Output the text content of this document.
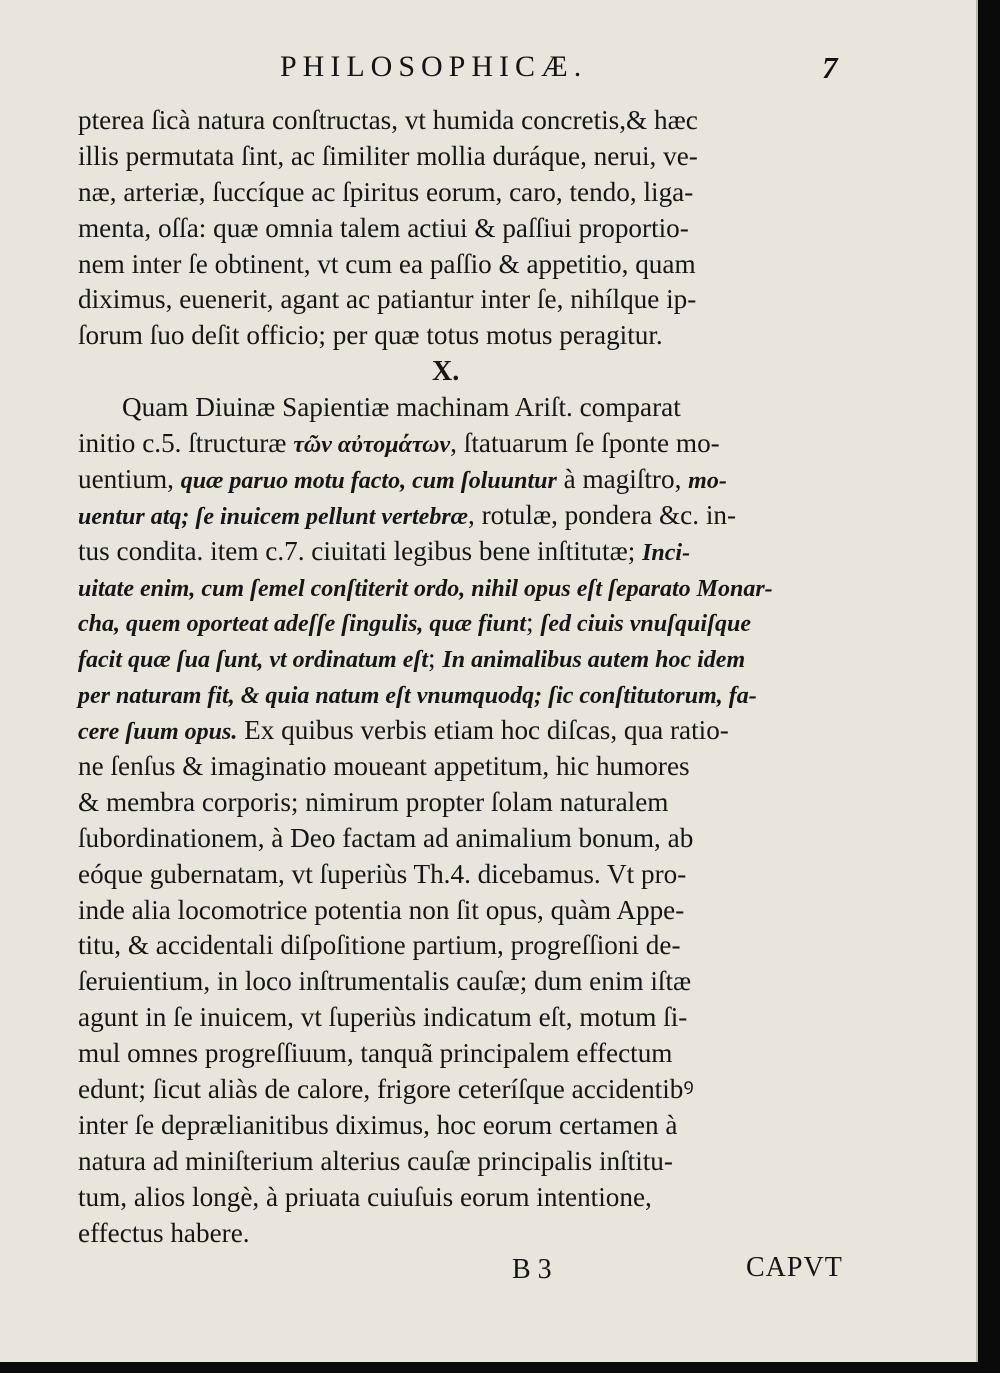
PHILOSOPHICÆ.	7
pterea ſicà natura conſtructas, vt humida concretis,& hæc
illis permutata ſint, ac ſimiliter mollia duráque, nerui, ve-
næ, arteriæ, ſuccíque ac ſpiritus eorum, caro, tendo, liga-
menta, oſſa: quæ omnia talem actiui & paſſiui proportio-
nem inter ſe obtinent, vt cum ea paſſio & appetitio, quam
diximus, euenerit, agant ac patiantur inter ſe, nihílque ip-
ſorum ſuo deſit officio; per quæ totus motus peragitur.
X.
Quam Diuinæ Sapientiæ machinam Ariſt. comparat
initio c.5. ſtructuræ τῶν αὐτομάτων, ſtatuarum ſe ſponte mo-
uentium, quæ paruo motu facto, cum ſoluuntur à magiſtro, mo-
uentur atq; ſe inuicem pellunt vertebræ, rotulæ, pondera &c. in-
tus condita. item c.7. ciuitati legibus bene inſtitutæ; Inci-
uitate enim, cum ſemel conſtiterit ordo, nihil opus eſt ſeparato Monar-
cha, quem oporteat adeſſe ſingulis, quæ fiunt; ſed ciuis vnuſquiſque
facit quæ ſua ſunt, vt ordinatum eſt; In animalibus autem hoc idem
per naturam fit, & quia natum eſt vnumquodq; ſic conſtitutorum, fa-
cere ſuum opus. Ex quibus verbis etiam hoc diſcas, qua ratio-
ne ſenſus & imaginatio moueant appetitum, hic humores
& membra corporis; nimirum propter ſolam naturalem
ſubordinationem, à Deo factam ad animalium bonum, ab
eóque gubernatam, vt ſuperiùs Th.4. dicebamus. Vt pro-
inde alia locomotrice potentia non ſit opus, quàm Appe-
titu, & accidentali diſpoſitione partium, progreſſioni de-
ſeruientium, in loco inſtrumentalis cauſæ; dum enim iſtæ
agunt in ſe inuicem, vt ſuperiùs indicatum eſt, motum ſi-
mul omnes progreſſiuum, tanquã principalem effectum
edunt; ſicut aliàs de calore, frigore ceteríſque accidentibꝰ
inter ſe deprælianitibus diximus, hoc eorum certamen à
natura ad miniſterium alterius cauſæ principalis inſtitu-
tum, alios longè, à priuata cuiuſuis eorum intentione,
effectus habere.
B 3	CAPVT
